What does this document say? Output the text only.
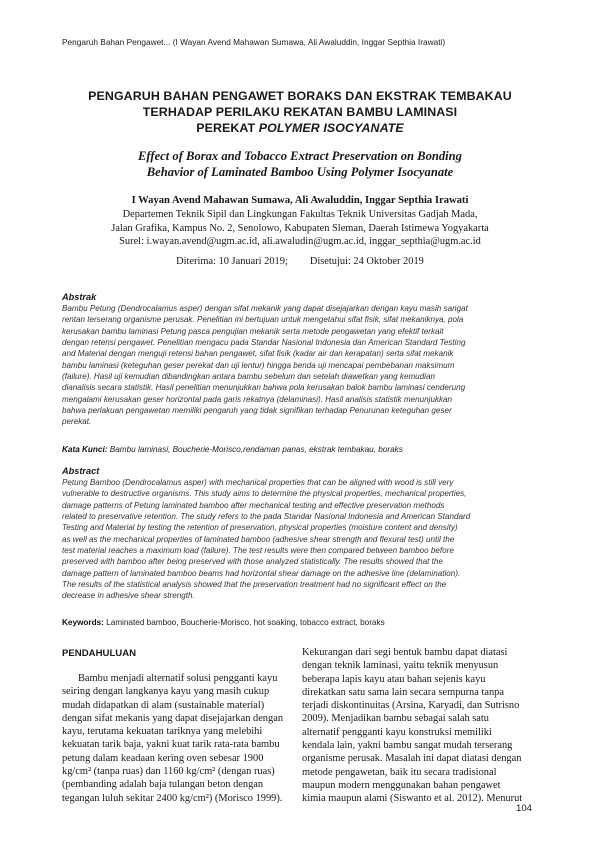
Pengaruh Bahan Pengawet... (I Wayan Avend Mahawan Sumawa, Ali Awaluddin, Inggar Septhia Irawati)
PENGARUH BAHAN PENGAWET BORAKS DAN EKSTRAK TEMBAKAU
TERHADAP PERILAKU REKATAN BAMBU LAMINASI
PEREKAT POLYMER ISOCYANATE
Effect of Borax and Tobacco Extract Preservation on Bonding
Behavior of Laminated Bamboo Using Polymer Isocyanate
I Wayan Avend Mahawan Sumawa, Ali Awaluddin, Inggar Septhia Irawati
Departemen Teknik Sipil dan Lingkungan Fakultas Teknik Universitas Gadjah Mada,
Jalan Grafika, Kampus No. 2, Senolowo, Kabupaten Sleman, Daerah Istimewa Yogyakarta
Surel: i.wayan.avend@ugm.ac.id, ali.awaludin@ugm.ac.id, inggar_septhia@ugm.ac.id
Diterima: 10 Januari 2019; Disetujui: 24 Oktober 2019
Abstrak
Bambu Petung (Dendrocalamus asper) dengan sifat mekanik yang dapat disejajarkan dengan kayu masih sangat
rentan terserang organisme perusak. Penelitian ini bertujuan untuk mengetahui sifat fisik, sifat mekaniknya, pola
kerusakan bambu laminasi Petung pasca pengujian mekanik serta metode pengawetan yang efektif terkait
dengan retensi pengawet. Penelitian mengacu pada Standar Nasional Indonesia dan American Standard Testing
and Material dengan menguji retensi bahan pengawet, sifat fisik (kadar air dan kerapatan) serta sifat mekanik
bambu laminasi (keteguhan geser perekat dan uji lentur) hingga benda uji mencapai pembebanan maksimum
(failure). Hasil uji kemudian dibandingkan antara bambu sebelum dan setelah diawetkan yang kemudian
dianalisis secara statistik. Hasil penelitian menunjukkan bahwa pola kerusakan balok bambu laminasi cenderung
mengalami kerusakan geser horizontal pada garis rekatnya (delaminasi). Hasil analisis statistik menunjukkan
bahwa perlakuan pengawetan memiliki pengaruh yang tidak signifikan terhadap Penurunan keteguhan geser
perekat.
Kata Kunci: Bambu laminasi, Boucherie-Morisco,rendaman panas, ekstrak tembakau, boraks
Abstract
Petung Bamboo (Dendrocalamus asper) with mechanical properties that can be aligned with wood is still very
vulnerable to destructive organisms. This study aims to determine the physical properties, mechanical properties,
damage patterns of Petung laminated bamboo after mechanical testing and effective preservation methods
related to preservative retention. The study refers to the pada Standar Nasional Indonesia and American Standard
Testing and Material by testing the retention of preservation, physical properties (moisture content and density)
as well as the mechanical properties of laminated bamboo (adhesive shear strength and flexural test) until the
test material reaches a maximum load (failure). The test results were then compared between bamboo before
preserved with bamboo after being preserved with those analyzed statistically. The results showed that the
damage pattern of laminated bamboo beams had horizontal shear damage on the adhesive line (delamination).
The results of the statistical analysis showed that the preservation treatment had no significant effect on the
decrease in adhesive shear strength.
Keywords: Laminated bamboo, Boucherie-Morisco, hot soaking, tobacco extract, boraks
PENDAHULUAN
Bambu menjadi alternatif solusi pengganti kayu
seiring dengan langkanya kayu yang masih cukup
mudah didapatkan di alam (sustainable material)
dengan sifat mekanis yang dapat disejajarkan dengan
kayu, terutama kekuatan tariknya yang melebihi
kekuatan tarik baja, yakni kuat tarik rata-rata bambu
petung dalam keadaan kering oven sebesar 1900
kg/cm² (tanpa ruas) dan 1160 kg/cm² (dengan ruas)
(pembanding adalah baja tulangan beton dengan
tegangan luluh sekitar 2400 kg/cm²) (Morisco 1999).
Kekurangan dari segi bentuk bambu dapat diatasi
dengan teknik laminasi, yaitu teknik menyusun
beberapa lapis kayu atau bahan sejenis kayu
direkatkan satu sama lain secara sempurna tanpa
terjadi diskontinuitas (Arsina, Karyadi, dan Sutrisno
2009). Menjadikan bambu sebagai salah satu
alternatif pengganti kayu konstruksi memiliki
kendala lain, yakni bambu sangat mudah terserang
organisme perusak. Masalah ini dapat diatasi dengan
metode pengawetan, baik itu secara tradisional
maupun modern menggunakan bahan pengawet
kimia maupun alami (Siswanto et al. 2012). Menurut
104
